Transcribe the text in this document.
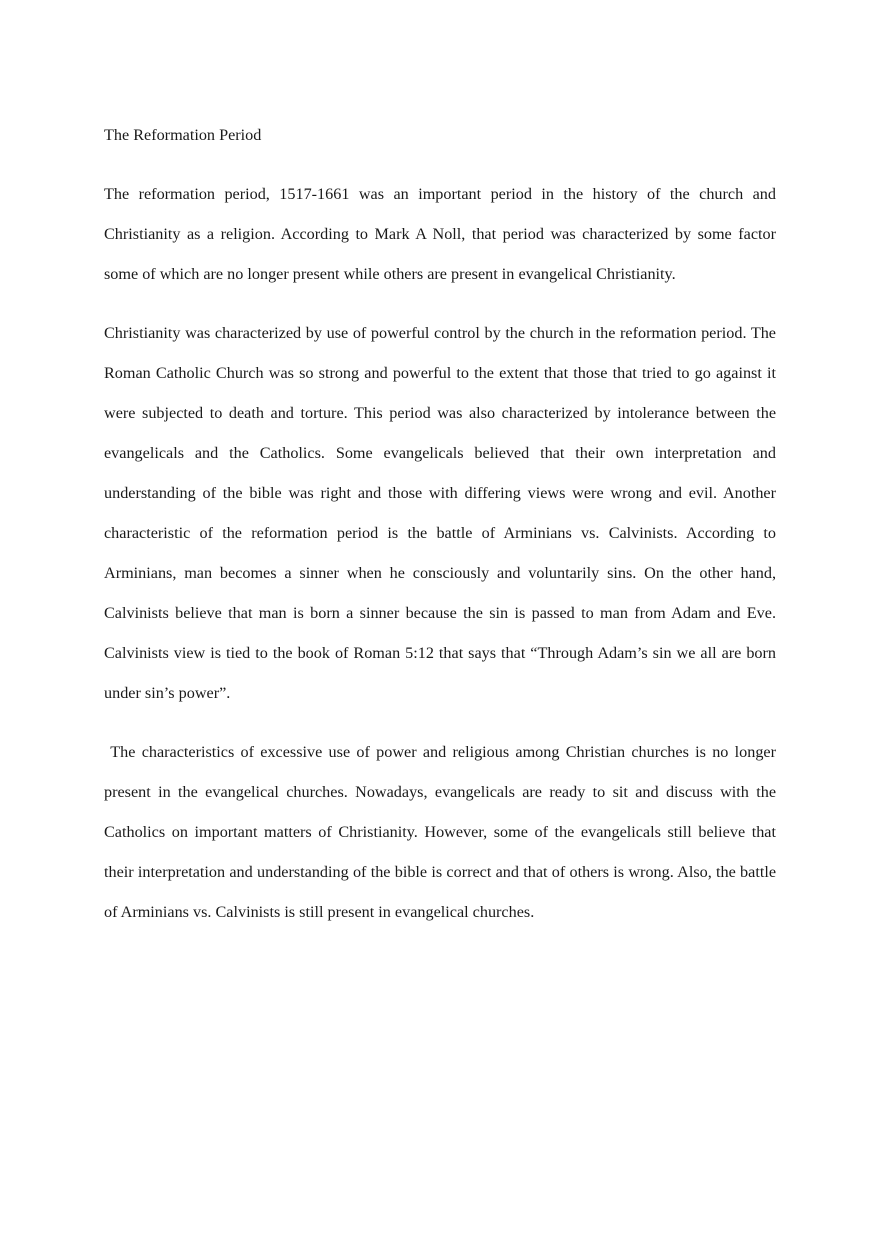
The Reformation Period

The reformation period, 1517-1661 was an important period in the history of the church and Christianity as a religion. According to Mark A Noll, that period was characterized by some factor some of which are no longer present while others are present in evangelical Christianity.

Christianity was characterized by use of powerful control by the church in the reformation period. The Roman Catholic Church was so strong and powerful to the extent that those that tried to go against it were subjected to death and torture. This period was also characterized by intolerance between the evangelicals and the Catholics. Some evangelicals believed that their own interpretation and understanding of the bible was right and those with differing views were wrong and evil. Another characteristic of the reformation period is the battle of Arminians vs. Calvinists. According to Arminians, man becomes a sinner when he consciously and voluntarily sins. On the other hand, Calvinists believe that man is born a sinner because the sin is passed to man from Adam and Eve. Calvinists view is tied to the book of Roman 5:12 that says that “Through Adam’s sin we all are born under sin’s power”.

The characteristics of excessive use of power and religious among Christian churches is no longer present in the evangelical churches. Nowadays, evangelicals are ready to sit and discuss with the Catholics on important matters of Christianity. However, some of the evangelicals still believe that their interpretation and understanding of the bible is correct and that of others is wrong. Also, the battle of Arminians vs. Calvinists is still present in evangelical churches.
